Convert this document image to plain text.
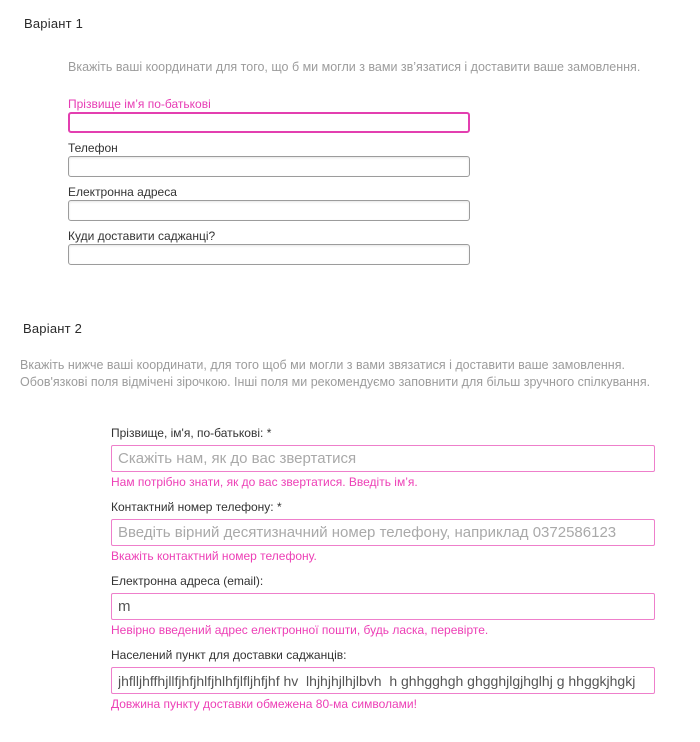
Варіант 1
Вкажіть ваші координати для того, що б ми могли з вами зв’язатися і доставити ваше замовлення.
Прізвище ім’я по-батькові
Телефон
Електронна адреса
Куди доставити саджанці?
Варіант 2
Вкажіть нижче ваші координати, для того щоб ми могли з вами звязатися і доставити ваше замовлення. Обов'язкові поля відмічені зірочкою. Інші поля ми рекомендуємо заповнити для більш зручного спілкування.
Прізвище, ім'я, по-батькові: *
Скажіть нам, як до вас звертатися
Нам потрібно знати, як до вас звертатися. Введіть ім’я.
Контактний номер телефону: *
Введіть вірний десятизначний номер телефону, наприклад 0372586123
Вкажіть контактний номер телефону.
Електронна адреса (email):
m
Невірно введений адрес електронної пошти, будь ласка, перевірте.
Населений пункт для доставки саджанців:
jhflljhffhjllfjhfjhlfjhlhfjlfljhfjhf hv lhjhjhjlhjlbvh h ghhgghgh ghgghjlgjhglhj g hhggkjhgkj
Довжина пункту доставки обмежена 80-ма символами!
